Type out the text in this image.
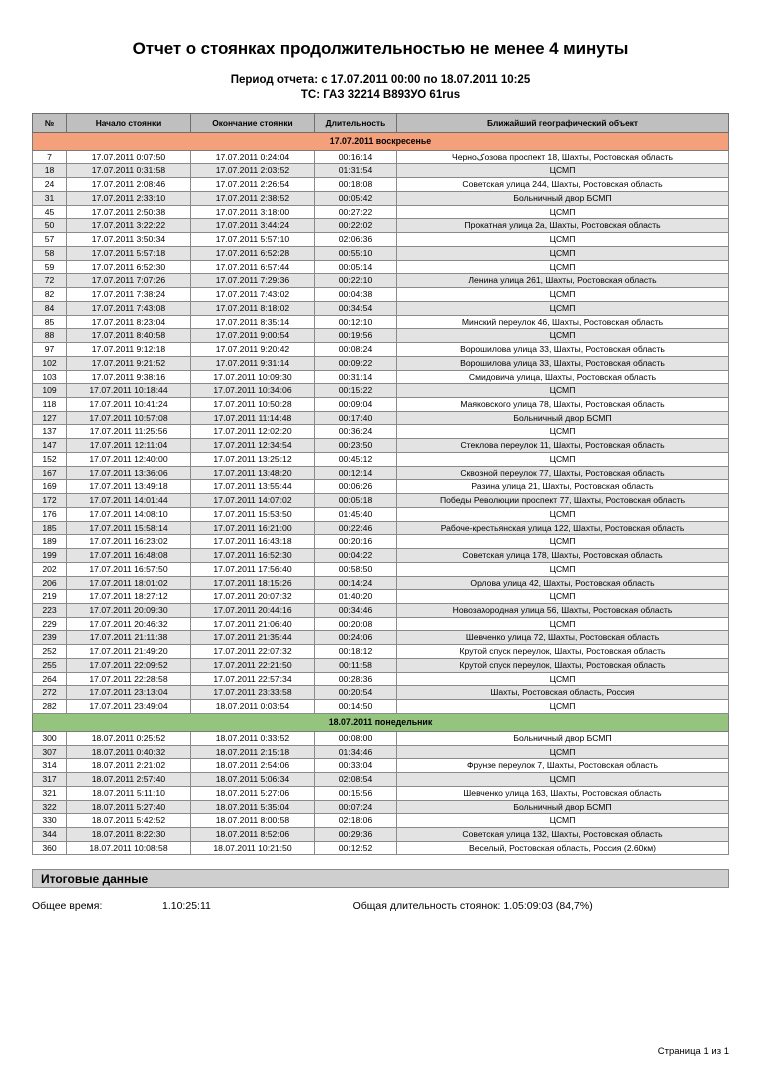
Отчет о стоянках продолжительностью не менее 4 минуты
Период отчета: с 17.07.2011 00:00 по 18.07.2011 10:25
ТС: ГАЗ 32214 В893УО 61rus
№	Начало стоянки	Окончание стоянки	Длительность	Ближайший географический объект
17.07.2011 воскресенье				
7	17.07.2011 0:07:50	17.07.2011 0:24:04	00:16:14	Черноکозова проспект 18, Шахты, Ростовская область
18	17.07.2011 0:31:58	17.07.2011 2:03:52	01:31:54	ЦСМП
24	17.07.2011 2:08:46	17.07.2011 2:26:54	00:18:08	Советская улица 244, Шахты, Ростовская область
31	17.07.2011 2:33:10	17.07.2011 2:38:52	00:05:42	Больничный двор БСМП
45	17.07.2011 2:50:38	17.07.2011 3:18:00	00:27:22	ЦСМП
50	17.07.2011 3:22:22	17.07.2011 3:44:24	00:22:02	Прокатная улица 2а, Шахты, Ростовская область
57	17.07.2011 3:50:34	17.07.2011 5:57:10	02:06:36	ЦСМП
58	17.07.2011 5:57:18	17.07.2011 6:52:28	00:55:10	ЦСМП
59	17.07.2011 6:52:30	17.07.2011 6:57:44	00:05:14	ЦСМП
72	17.07.2011 7:07:26	17.07.2011 7:29:36	00:22:10	Ленина улица 261, Шахты, Ростовская область
82	17.07.2011 7:38:24	17.07.2011 7:43:02	00:04:38	ЦСМП
84	17.07.2011 7:43:08	17.07.2011 8:18:02	00:34:54	ЦСМП
85	17.07.2011 8:23:04	17.07.2011 8:35:14	00:12:10	Минский переулок 46, Шахты, Ростовская область
88	17.07.2011 8:40:58	17.07.2011 9:00:54	00:19:56	ЦСМП
97	17.07.2011 9:12:18	17.07.2011 9:20:42	00:08:24	Ворошилова улица 33, Шахты, Ростовская область
102	17.07.2011 9:21:52	17.07.2011 9:31:14	00:09:22	Ворошилова улица 33, Шахты, Ростовская область
103	17.07.2011 9:38:16	17.07.2011 10:09:30	00:31:14	Смидовича улица, Шахты, Ростовская область
109	17.07.2011 10:18:44	17.07.2011 10:34:06	00:15:22	ЦСМП
118	17.07.2011 10:41:24	17.07.2011 10:50:28	00:09:04	Маяковского улица 78, Шахты, Ростовская область
127	17.07.2011 10:57:08	17.07.2011 11:14:48	00:17:40	Больничный двор БСМП
137	17.07.2011 11:25:56	17.07.2011 12:02:20	00:36:24	ЦСМП
147	17.07.2011 12:11:04	17.07.2011 12:34:54	00:23:50	Стеклова переулок 11, Шахты, Ростовская область
152	17.07.2011 12:40:00	17.07.2011 13:25:12	00:45:12	ЦСМП
167	17.07.2011 13:36:06	17.07.2011 13:48:20	00:12:14	Сквозной переулок 77, Шахты, Ростовская область
169	17.07.2011 13:49:18	17.07.2011 13:55:44	00:06:26	Разина улица 21, Шахты, Ростовская область
172	17.07.2011 14:01:44	17.07.2011 14:07:02	00:05:18	Победы Революции проспект 77, Шахты, Ростовская область
176	17.07.2011 14:08:10	17.07.2011 15:53:50	01:45:40	ЦСМП
185	17.07.2011 15:58:14	17.07.2011 16:21:00	00:22:46	Рабоче-крестьянская улица 122, Шахты, Ростовская область
189	17.07.2011 16:23:02	17.07.2011 16:43:18	00:20:16	ЦСМП
199	17.07.2011 16:48:08	17.07.2011 16:52:30	00:04:22	Советская улица 178, Шахты, Ростовская область
202	17.07.2011 16:57:50	17.07.2011 17:56:40	00:58:50	ЦСМП
206	17.07.2011 18:01:02	17.07.2011 18:15:26	00:14:24	Орлова улица 42, Шахты, Ростовская область
219	17.07.2011 18:27:12	17.07.2011 20:07:32	01:40:20	ЦСМП
223	17.07.2011 20:09:30	17.07.2011 20:44:16	00:34:46	Новозаגородная улица 56, Шахты, Ростовская область
229	17.07.2011 20:46:32	17.07.2011 21:06:40	00:20:08	ЦСМП
239	17.07.2011 21:11:38	17.07.2011 21:35:44	00:24:06	Шевченко улица 72, Шахты, Ростовская область
252	17.07.2011 21:49:20	17.07.2011 22:07:32	00:18:12	Крутой спуск переулок, Шахты, Ростовская область
255	17.07.2011 22:09:52	17.07.2011 22:21:50	00:11:58	Крутой спуск переулок, Шахты, Ростовская область
264	17.07.2011 22:28:58	17.07.2011 22:57:34	00:28:36	ЦСМП
272	17.07.2011 23:13:04	17.07.2011 23:33:58	00:20:54	Шахты, Ростовская область, Россия
282	17.07.2011 23:49:04	18.07.2011 0:03:54	00:14:50	ЦСМП
18.07.2011 понедельник				
300	18.07.2011 0:25:52	18.07.2011 0:33:52	00:08:00	Больничный двор БСМП
307	18.07.2011 0:40:32	18.07.2011 2:15:18	01:34:46	ЦСМП
314	18.07.2011 2:21:02	18.07.2011 2:54:06	00:33:04	Фрунзе переулок 7, Шахты, Ростовская область
317	18.07.2011 2:57:40	18.07.2011 5:06:34	02:08:54	ЦСМП
321	18.07.2011 5:11:10	18.07.2011 5:27:06	00:15:56	Шевченко улица 163, Шахты, Ростовская область
322	18.07.2011 5:27:40	18.07.2011 5:35:04	00:07:24	Больничный двор БСМП
330	18.07.2011 5:42:52	18.07.2011 8:00:58	02:18:06	ЦСМП
344	18.07.2011 8:22:30	18.07.2011 8:52:06	00:29:36	Советская улица 132, Шахты, Ростовская область
360	18.07.2011 10:08:58	18.07.2011 10:21:50	00:12:52	Веселый, Ростовская область, Россия (2.60км)
Итоговые данные
Общее время:	1.10:25:11	Общая длительность стоянок: 1.05:09:03 (84,7%)
Страница 1 из 1
